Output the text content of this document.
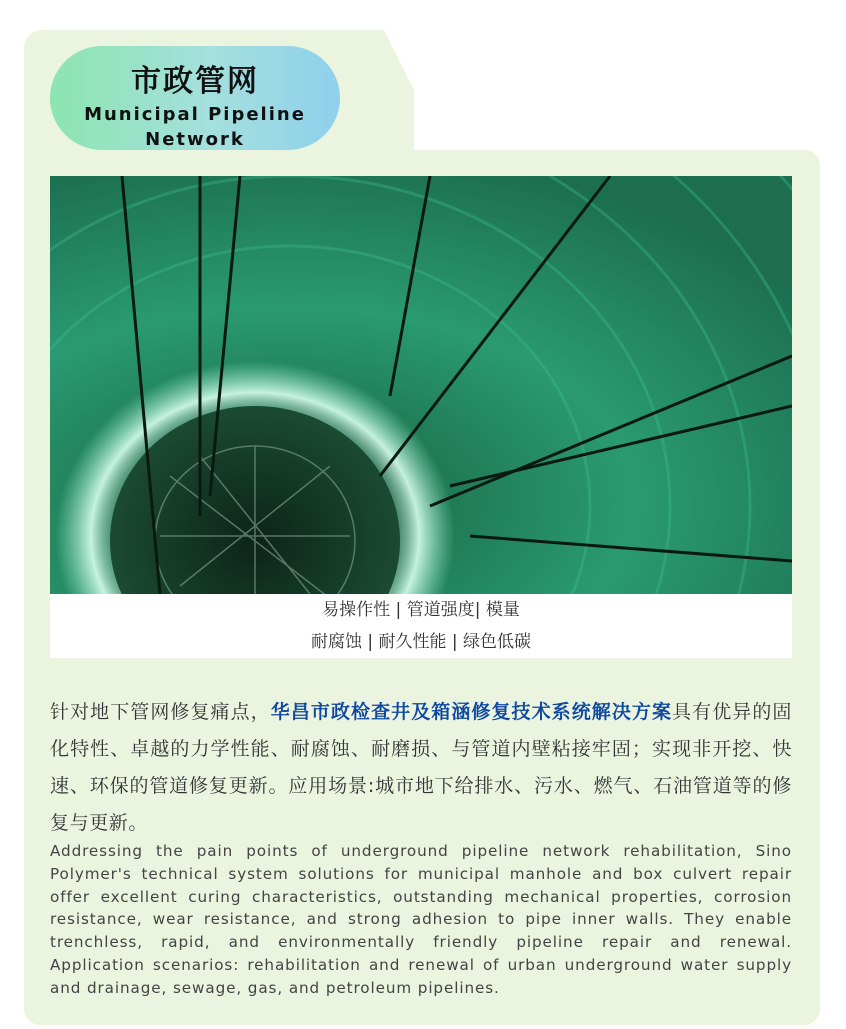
市政管网
Municipal Pipeline Network
易操作性 | 管道强度| 模量
耐腐蚀 | 耐久性能 | 绿色低碳
针对地下管网修复痛点，华昌市政检查井及箱涵修复技术系统解决方案具有优异的固化特性、卓越的力学性能、耐腐蚀、耐磨损、与管道内壁粘接牢固；实现非开挖、快速、环保的管道修复更新。应用场景:城市地下给排水、污水、燃气、石油管道等的修复与更新。
Addressing the pain points of underground pipeline network rehabilitation, Sino Polymer's technical system solutions for municipal manhole and box culvert repair offer excellent curing characteristics, outstanding mechanical properties, corrosion resistance, wear resistance, and strong adhesion to pipe inner walls. They enable trenchless, rapid, and environmentally friendly pipeline repair and renewal. Application scenarios: rehabilitation and renewal of urban underground water supply and drainage, sewage, gas, and petroleum pipelines.
